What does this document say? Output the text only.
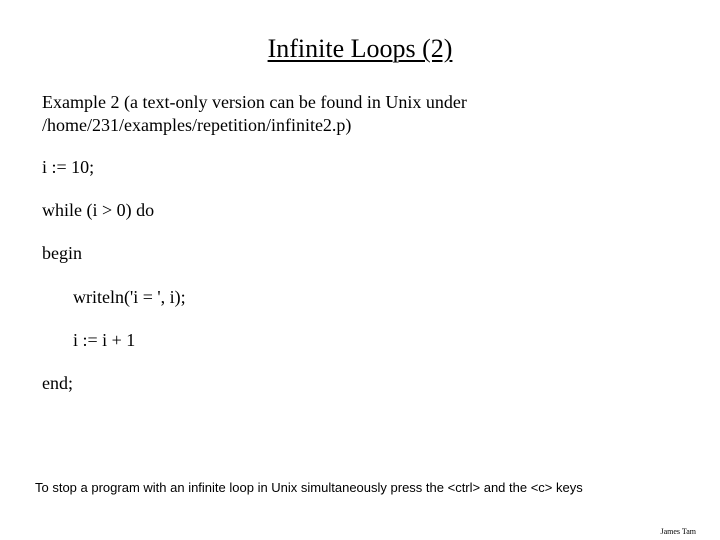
Infinite Loops (2)
Example 2 (a text-only version can be found in Unix under
/home/231/examples/repetition/infinite2.p)
i := 10;
while (i > 0) do
begin
writeln('i = ', i);
i := i + 1
end;
To stop a program with an infinite loop in Unix simultaneously press the <ctrl> and the <c> keys
James Tam
